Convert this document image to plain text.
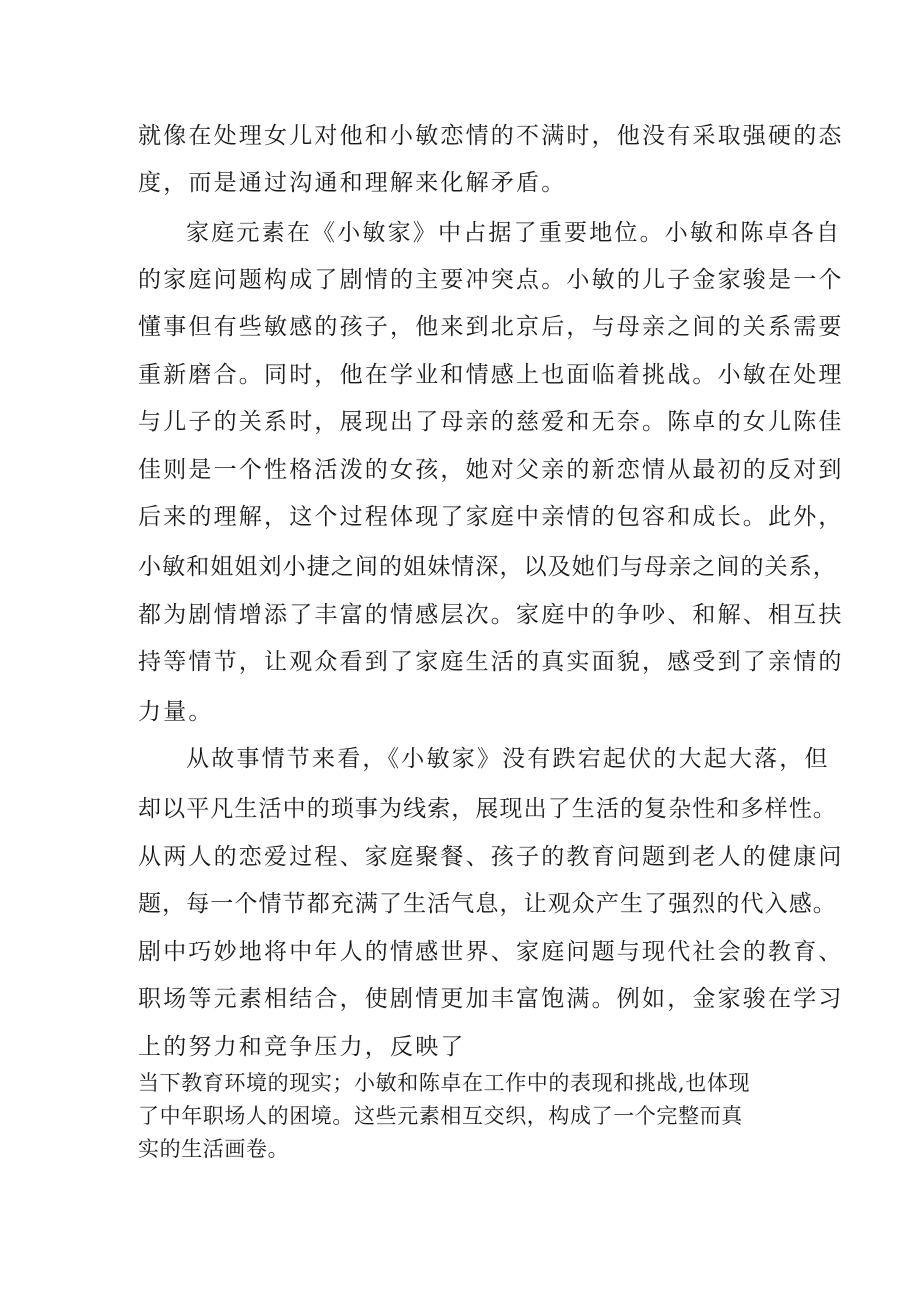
就像在处理女儿对他和小敏恋情的不满时，他没有采取强硬的态
度，而是通过沟通和理解来化解矛盾。
家庭元素在《小敏家》中占据了重要地位。小敏和陈卓各自
的家庭问题构成了剧情的主要冲突点。小敏的儿子金家骏是一个
懂事但有些敏感的孩子，他来到北京后，与母亲之间的关系需要
重新磨合。同时，他在学业和情感上也面临着挑战。小敏在处理
与儿子的关系时，展现出了母亲的慈爱和无奈。陈卓的女儿陈佳
佳则是一个性格活泼的女孩，她对父亲的新恋情从最初的反对到
后来的理解，这个过程体现了家庭中亲情的包容和成长。此外，
小敏和姐姐刘小捷之间的姐妹情深，以及她们与母亲之间的关系，
都为剧情增添了丰富的情感层次。家庭中的争吵、和解、相互扶
持等情节，让观众看到了家庭生活的真实面貌，感受到了亲情的
力量。
从故事情节来看，《小敏家》没有跌宕起伏的大起大落，但
却以平凡生活中的琐事为线索，展现出了生活的复杂性和多样性。
从两人的恋爱过程、家庭聚餐、孩子的教育问题到老人的健康问
题，每一个情节都充满了生活气息，让观众产生了强烈的代入感。
剧中巧妙地将中年人的情感世界、家庭问题与现代社会的教育、
职场等元素相结合，使剧情更加丰富饱满。例如，金家骏在学习
上的努力和竞争压力，反映了
当下教育环境的现实；小敏和陈卓在工作中的表现和挑战,也体现
了中年职场人的困境。这些元素相互交织，构成了一个完整而真
实的生活画卷。
